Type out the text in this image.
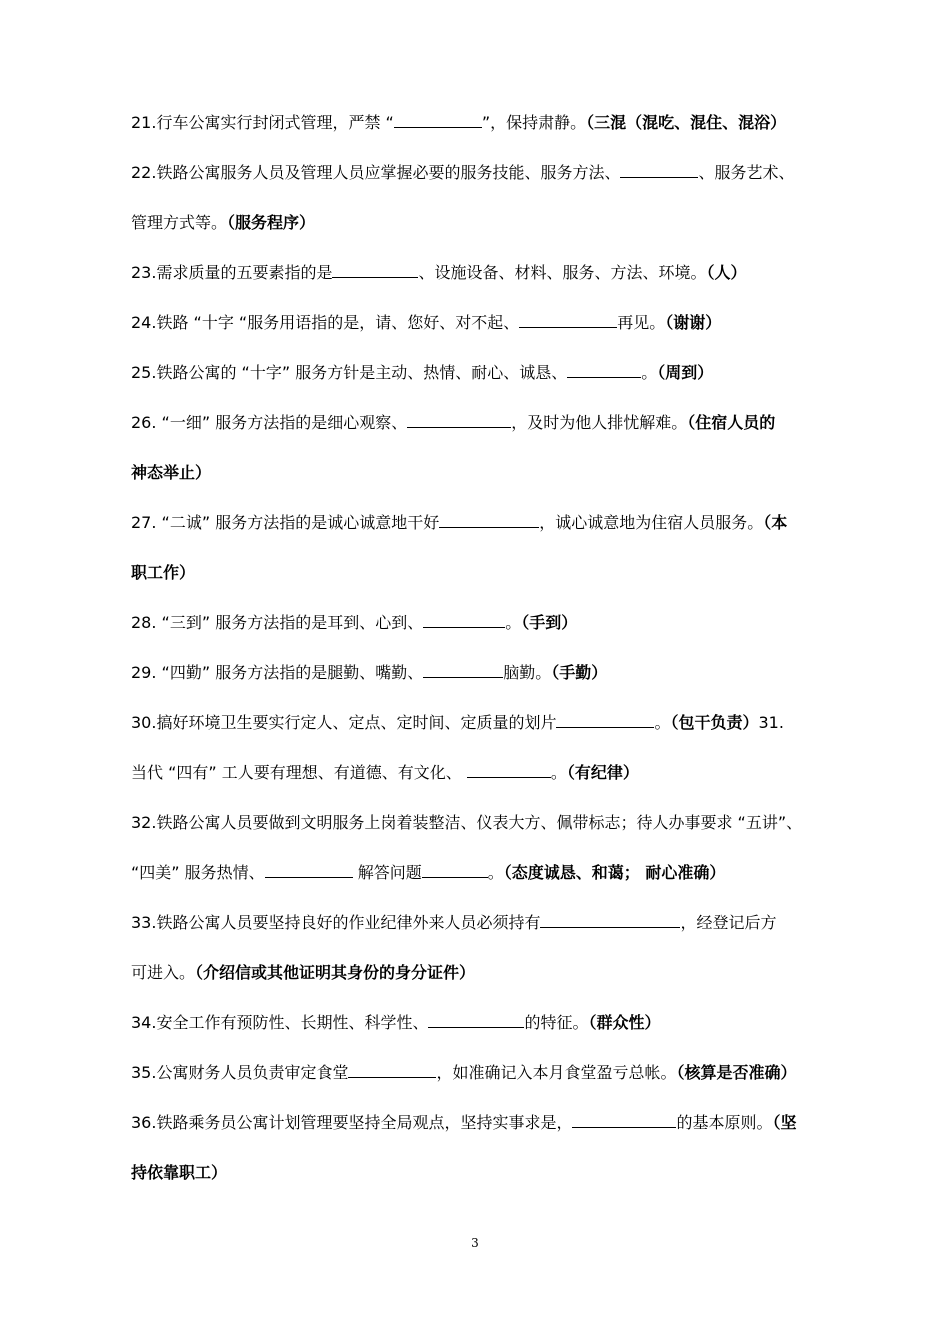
21.行车公寓实行封闭式管理，严禁 “	”，保持肃静。（三混（混吃、混住、混浴）
22.铁路公寓服务人员及管理人员应掌握必要的服务技能、服务方法、	、服务艺术、
管理方式等。（服务程序）
23.需求质量的五要素指的是	、设施设备、材料、服务、方法、环境。（人）
24.铁路 “十字 “服务用语指的是，请、您好、对不起、	再见。（谢谢）
25.铁路公寓的 “十字” 服务方针是主动、热情、耐心、诚恳、	。（周到）
26. “一细” 服务方法指的是细心观察、	，及时为他人排忧解难。（住宿人员的
神态举止）
27. “二诚” 服务方法指的是诚心诚意地干好	，诚心诚意地为住宿人员服务。（本
职工作）
28. “三到” 服务方法指的是耳到、心到、	。（手到）
29. “四勤” 服务方法指的是腿勤、嘴勤、	脑勤。（手勤）
30.搞好环境卫生要实行定人、定点、定时间、定质量的划片	。（包干负责）31.
当代 “四有” 工人要有理想、有道德、有文化、	。（有纪律）
32.铁路公寓人员要做到文明服务上岗着装整洁、仪表大方、佩带标志；待人办事要求 “五讲”、
“四美” 服务热情、	解答问题	。（态度诚恳、和蔼； 耐心准确）
33.铁路公寓人员要坚持良好的作业纪律外来人员必须持有	，经登记后方
可进入。（介绍信或其他证明其身份的身分证件）
34.安全工作有预防性、长期性、科学性、	的特征。（群众性）
35.公寓财务人员负责审定食堂	，如准确记入本月食堂盈亏总帐。（核算是否准确）
36.铁路乘务员公寓计划管理要坚持全局观点，坚持实事求是，	的基本原则。（坚
持依靠职工）
3
